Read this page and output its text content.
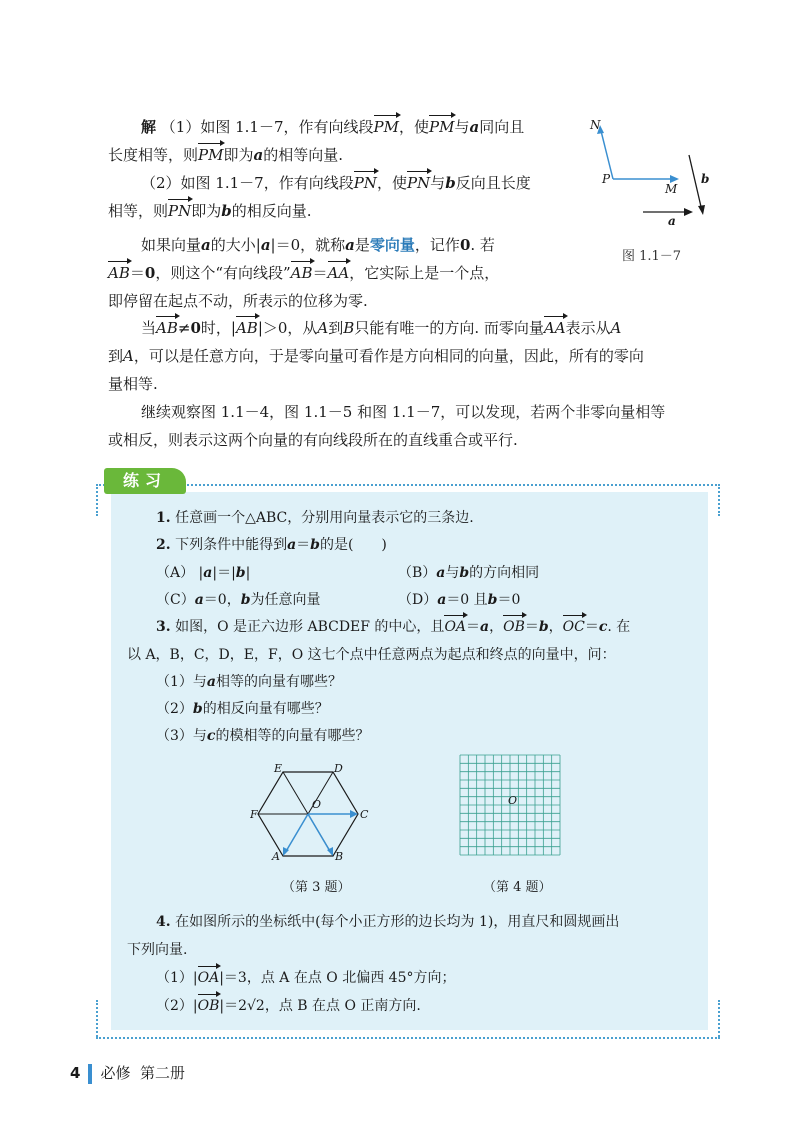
解 （1）如图 1.1－7，作有向线段PM，使PM与a同向且
长度相等，则PM即为a的相等向量.
（2）如图 1.1－7，作有向线段PN，使PN与b反向且长度
相等，则PN即为b的相反向量.
N
P
M
b
a
图 1.1－7
如果向量a的大小|a|＝0，就称a是零向量，记作0. 若
AB＝0，则这个“有向线段”AB＝AA，它实际上是一个点，
即停留在起点不动，所表示的位移为零.
当AB≠0时，|AB|＞0，从A到B只能有唯一的方向. 而零向量AA表示从A
到A，可以是任意方向，于是零向量可看作是方向相同的向量，因此，所有的零向
量相等.
继续观察图 1.1－4，图 1.1－5 和图 1.1－7，可以发现，若两个非零向量相等
或相反，则表示这两个向量的有向线段所在的直线重合或平行.
练习
1. 任意画一个△ABC，分别用向量表示它的三条边.
2. 下列条件中能得到a＝b的是(　　)
（A） |a|＝|b|	（B）a与b的方向相同
（C）a＝0，b为任意向量	（D）a＝0 且b＝0
3. 如图，O 是正六边形 ABCDEF 的中心，且OA＝a，OB＝b，OC＝c. 在
以 A，B，C，D，E，F，O 这七个点中任意两点为起点和终点的向量中，问：
（1）与a相等的向量有哪些？
（2）b的相反向量有哪些？
（3）与c的模相等的向量有哪些？
E	D
F
O
C
A	B
（第 3 题）
O
（第 4 题）
4. 在如图所示的坐标纸中(每个小正方形的边长均为 1)，用直尺和圆规画出
下列向量.
（1）|OA|＝3，点 A 在点 O 北偏西 45°方向；
（2）|OB|＝2√2，点 B 在点 O 正南方向.
4 必修 第二册
